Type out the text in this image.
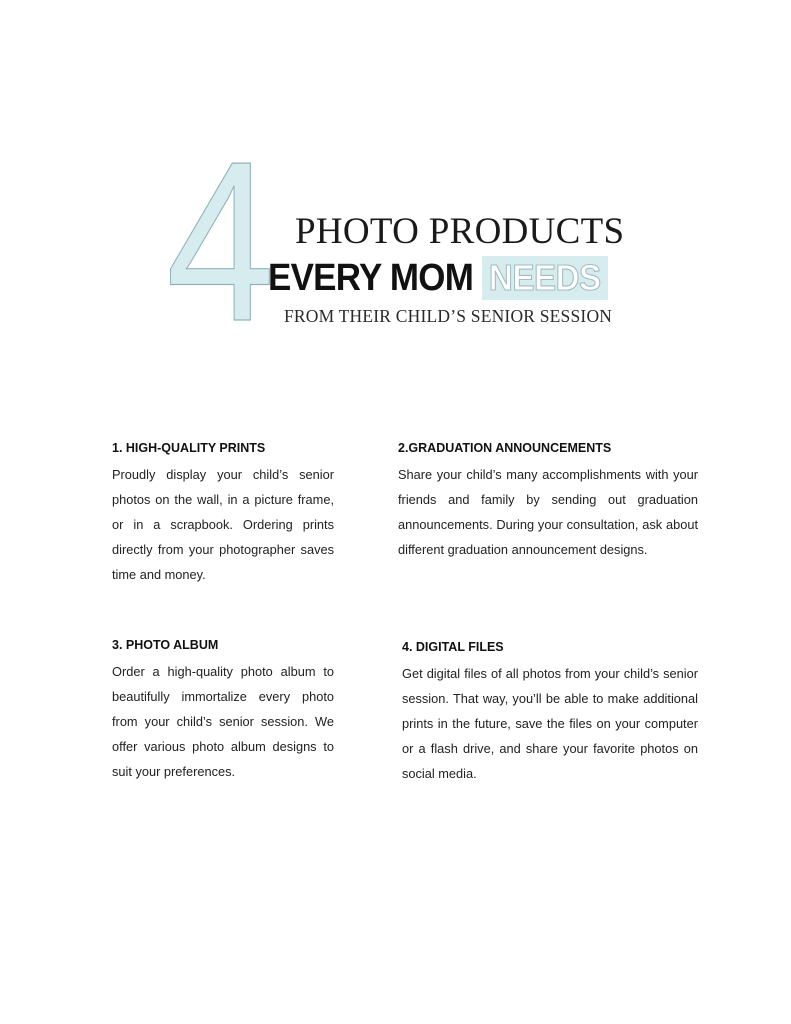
4 PHOTO PRODUCTS
EVERY MOM NEEDS
FROM THEIR CHILD’S SENIOR SESSION
1. HIGH-QUALITY PRINTS

Proudly display your child’s senior photos on the wall, in a picture frame, or in a scrapbook. Ordering prints directly from your photographer saves time and money.

2.GRADUATION ANNOUNCEMENTS

Share your child’s many accomplishments with your friends and family by sending out graduation announcements. During your consultation, ask about different graduation announcement designs.

3. PHOTO ALBUM

Order a high-quality photo album to beautifully immortalize every photo from your child’s senior session. We offer various photo album designs to suit your preferences.

4. DIGITAL FILES

Get digital files of all photos from your child’s senior session. That way, you’ll be able to make additional prints in the future, save the files on your computer or a flash drive, and share your favorite photos on social media.
